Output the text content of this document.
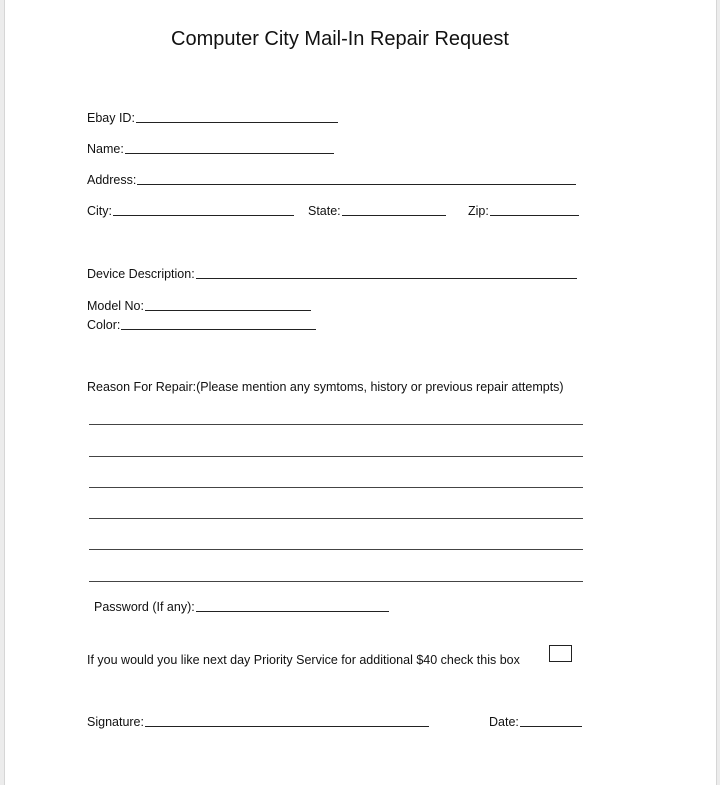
Computer City Mail-In Repair Request
Ebay ID:
Name:
Address:
City:	State:	Zip:
Device Description:
Model No:
Color:
Reason For Repair:(Please mention any symtoms, history or previous repair attempts)
Password (If any):
If you would you like next day Priority Service for additional $40 check this box
Signature:	Date:
